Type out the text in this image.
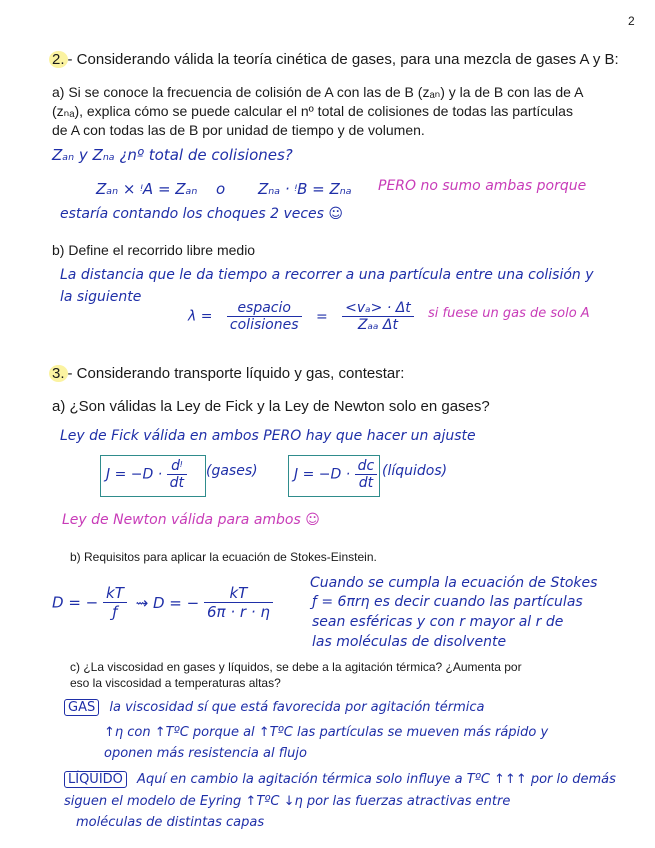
2
2. - Considerando válida la teoría cinética de gases, para una mezcla de gases A y B:
a) Si se conoce la frecuencia de colisión de A con las de B (zₐₙ) y la de B con las de A
(zₙₐ), explica cómo se puede calcular el nº total de colisiones de todas las partículas
de A con todas las de B por unidad de tiempo y de volumen.
Zₐₙ y Zₙₐ ¿nº total de colisiones?
Zₐₙ × ᵎA = Zₐₙ o Zₙₐ · ᵎB = Zₙₐ PERO no sumo ambas porque
estaría contando los choques 2 veces ☺
b) Define el recorrido libre medio
La distancia que le da tiempo a recorrer a una partícula entre una colisión y
la siguiente
$\lambda = \frac{\text{espacio}}{\text{colisiones}} = \frac{\text{<vₐ> · Δt}}{\text{Zₐₐ Δt}}$ si fuese un gas de solo A
3. - Considerando transporte líquido y gas, contestar:
a) ¿Son válidas la Ley de Fick y la Ley de Newton solo en gases?
Ley de Fick válida en ambos PERO hay que hacer un ajuste
$J = -D \cdot \frac{\text{dᵎ}}{dt}$ (gases)	$J = -D \cdot \frac{dc}{dt}$ (líquidos)
Ley de Newton válida para ambos ☺
b) Requisitos para aplicar la ecuación de Stokes-Einstein.
D = − $\frac{kT}{ƒ}$ ⇝ D = − $\frac{kT}{6\pi \cdot r \cdot \eta}$
Cuando se cumpla la ecuación de Stokes
ƒ = 6πrη es decir cuando las partículas
sean esféricas y con r mayor al r de
las moléculas de disolvente
c) ¿La viscosidad en gases y líquidos, se debe a la agitación térmica? ¿Aumenta por
eso la viscosidad a temperaturas altas?
GAS la viscosidad sí que está favorecida por agitación térmica
↑η con ↑TºC porque al ↑TºC las partículas se mueven más rápido y
oponen más resistencia al flujo
LÍQUIDO Aquí en cambio la agitación térmica solo influye a TºC ↑↑↑ por lo demás
siguen el modelo de Eyring ↑TºC ↓η por las fuerzas atractivas entre
moléculas de distintas capas
